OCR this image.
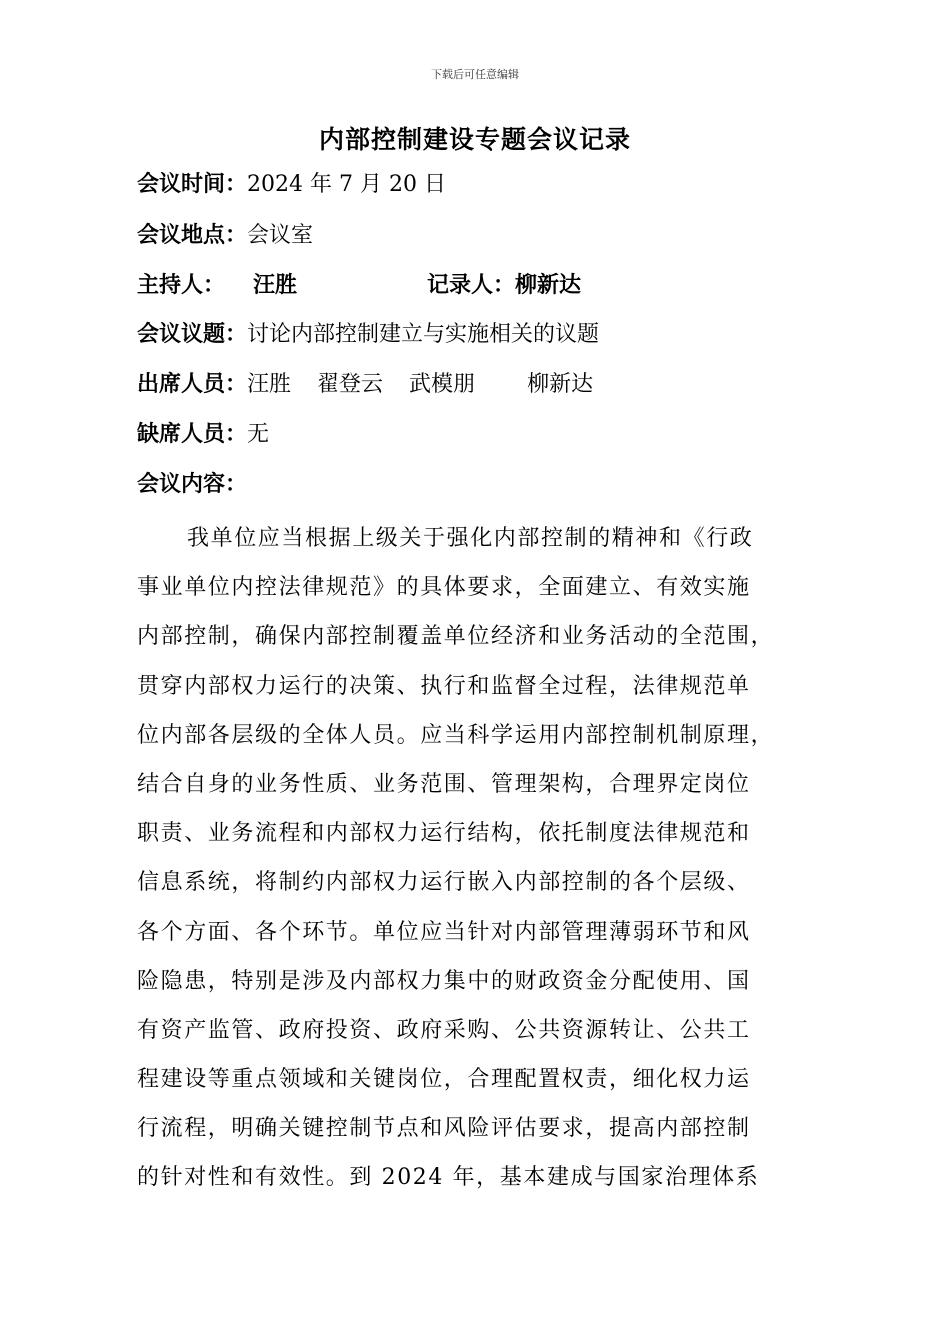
下载后可任意编辑
内部控制建设专题会议记录
会议时间：2024 年 7 月 20 日
会议地点：会议室
主持人： 汪胜	记录人：柳新达
会议议题：讨论内部控制建立与实施相关的议题
出席人员：汪胜 翟登云 武模朋 柳新达
缺席人员：无
会议内容：
我单位应当根据上级关于强化内部控制的精神和《行政
事业单位内控法律规范》的具体要求，全面建立、有效实施
内部控制，确保内部控制覆盖单位经济和业务活动的全范围，
贯穿内部权力运行的决策、执行和监督全过程，法律规范单
位内部各层级的全体人员。应当科学运用内部控制机制原理，
结合自身的业务性质、业务范围、管理架构，合理界定岗位
职责、业务流程和内部权力运行结构，依托制度法律规范和
信息系统，将制约内部权力运行嵌入内部控制的各个层级、
各个方面、各个环节。单位应当针对内部管理薄弱环节和风
险隐患，特别是涉及内部权力集中的财政资金分配使用、国
有资产监管、政府投资、政府采购、公共资源转让、公共工
程建设等重点领域和关键岗位，合理配置权责，细化权力运
行流程，明确关键控制节点和风险评估要求，提高内部控制
的针对性和有效性。到 2024 年，基本建成与国家治理体系
